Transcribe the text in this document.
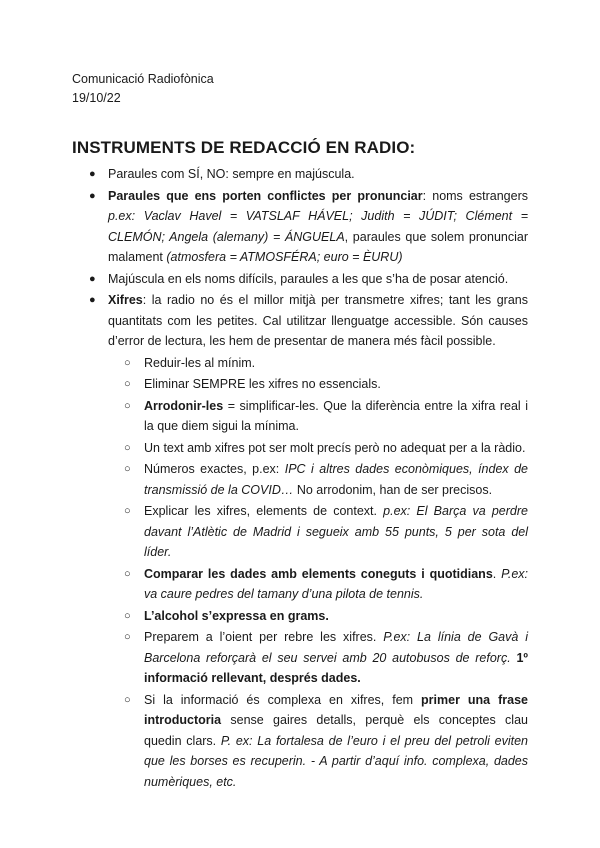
Comunicació Radiofònica
19/10/22
INSTRUMENTS DE REDACCIÓ EN RADIO:
● Paraules com SÍ, NO: sempre en majúscula.
● Paraules que ens porten conflictes per pronunciar: noms estrangers p.ex: Vaclav Havel = VATSLAF HÁVEL; Judith = JÚDIT; Clément = CLEMÓN; Angela (alemany) = ÁNGUELA, paraules que solem pronunciar malament (atmosfera = ATMOSFÉRA; euro = ÈURU)
● Majúscula en els noms difícils, paraules a les que s’ha de posar atenció.
● Xifres: la radio no és el millor mitjà per transmetre xifres; tant les grans quantitats com les petites. Cal utilitzar llenguatge accessible. Són causes d’error de lectura, les hem de presentar de manera més fàcil possible.
○ Reduir-les al mínim.
○ Eliminar SEMPRE les xifres no essencials.
○ Arrodonir-les = simplificar-les. Que la diferència entre la xifra real i la que diem sigui la mínima.
○ Un text amb xifres pot ser molt precís però no adequat per a la ràdio.
○ Números exactes, p.ex: IPC i altres dades econòmiques, índex de transmissió de la COVID… No arrodonim, han de ser precisos.
○ Explicar les xifres, elements de context. p.ex: El Barça va perdre davant l’Atlètic de Madrid i segueix amb 55 punts, 5 per sota del líder.
○ Comparar les dades amb elements coneguts i quotidians. P.ex: va caure pedres del tamany d’una pilota de tennis.
○ L’alcohol s’expressa en grams.
○ Preparem a l’oient per rebre les xifres. P.ex: La línia de Gavà i Barcelona reforçarà el seu servei amb 20 autobusos de reforç. 1º informació rellevant, després dades.
○ Si la informació és complexa en xifres, fem primer una frase introductoria sense gaires detalls, perquè els conceptes clau quedin clars. P. ex: La fortalesa de l’euro i el preu del petroli eviten que les borses es recuperin. - A partir d’aquí info. complexa, dades numèriques, etc.
